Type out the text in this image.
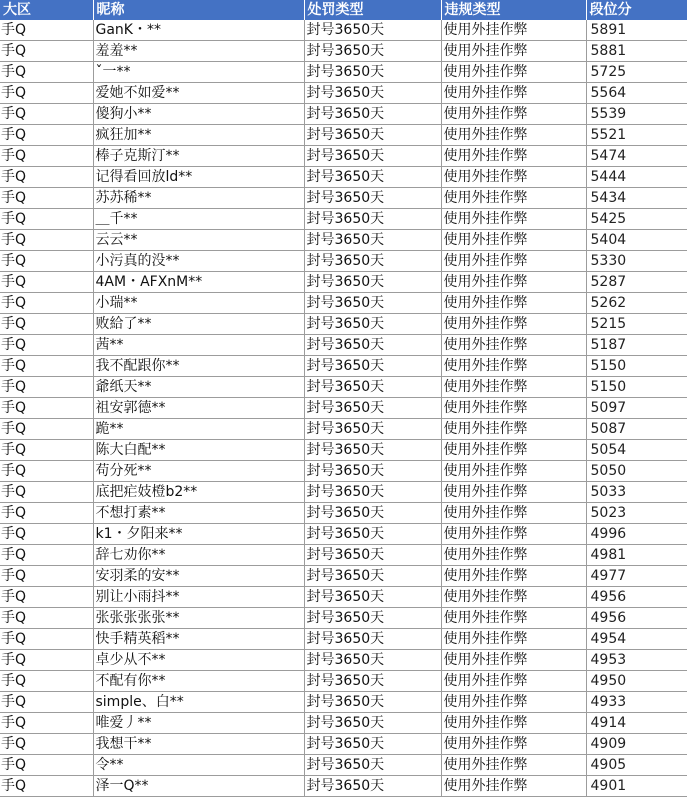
大区	昵称	处罚类型	违规类型	段位分
手Q	GanK・**	封号3650天	使用外挂作弊	5891
手Q	羞羞**	封号3650天	使用外挂作弊	5881
手Q	ˇ一**	封号3650天	使用外挂作弊	5725
手Q	爱她不如爱**	封号3650天	使用外挂作弊	5564
手Q	傻狗小**	封号3650天	使用外挂作弊	5539
手Q	疯狂加**	封号3650天	使用外挂作弊	5521
手Q	棒子克斯汀**	封号3650天	使用外挂作弊	5474
手Q	记得看回放ld**	封号3650天	使用外挂作弊	5444
手Q	苏苏稀**	封号3650天	使用外挂作弊	5434
手Q	＿千**	封号3650天	使用外挂作弊	5425
手Q	云云**	封号3650天	使用外挂作弊	5404
手Q	小污真的没**	封号3650天	使用外挂作弊	5330
手Q	4AM・AFXnM**	封号3650天	使用外挂作弊	5287
手Q	小瑞**	封号3650天	使用外挂作弊	5262
手Q	败給了**	封号3650天	使用外挂作弊	5215
手Q	茜**	封号3650天	使用外挂作弊	5187
手Q	我不配跟你**	封号3650天	使用外挂作弊	5150
手Q	爺纸天**	封号3650天	使用外挂作弊	5150
手Q	祖安郭德**	封号3650天	使用外挂作弊	5097
手Q	跪**	封号3650天	使用外挂作弊	5087
手Q	陈大白配**	封号3650天	使用外挂作弊	5054
手Q	苟分死**	封号3650天	使用外挂作弊	5050
手Q	底把疟妓橙b2**	封号3650天	使用外挂作弊	5033
手Q	不想打素**	封号3650天	使用外挂作弊	5023
手Q	k1・夕阳来**	封号3650天	使用外挂作弊	4996
手Q	辞七劝你**	封号3650天	使用外挂作弊	4981
手Q	安羽柔的安**	封号3650天	使用外挂作弊	4977
手Q	别让小雨抖**	封号3650天	使用外挂作弊	4956
手Q	张张张张张**	封号3650天	使用外挂作弊	4956
手Q	快手精英稻**	封号3650天	使用外挂作弊	4954
手Q	卓少从不**	封号3650天	使用外挂作弊	4953
手Q	不配有你**	封号3650天	使用外挂作弊	4950
手Q	simple、白**	封号3650天	使用外挂作弊	4933
手Q	唯爱丿**	封号3650天	使用外挂作弊	4914
手Q	我想干**	封号3650天	使用外挂作弊	4909
手Q	令**	封号3650天	使用外挂作弊	4905
手Q	泽一Q**	封号3650天	使用外挂作弊	4901
